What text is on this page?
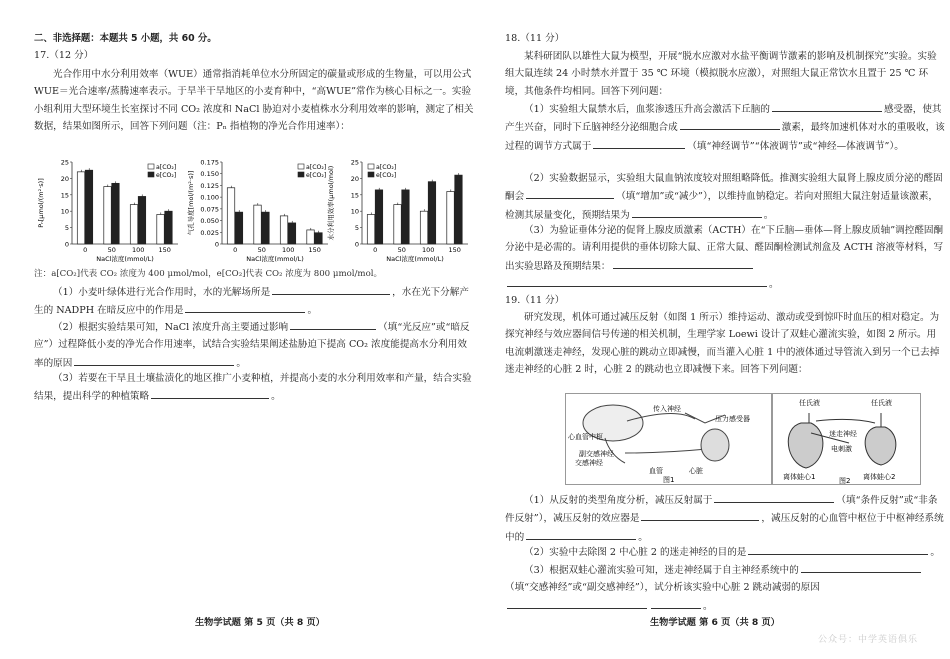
二、非选择题：本题共 5 小题，共 60 分。

17.（12 分）

光合作用中水分利用效率（WUE）通常指消耗单位水分所固定的碳量或形成的生物量，可以用公式 WUE＝光合速率/蒸腾速率表示。于旱半干旱地区的小麦育种中，“高WUE”常作为核心目标之一。实验小组利用大型环境生长室探讨不同 CO₂ 浓度和 NaCl 胁迫对小麦植株水分利用效率的影响，测定了相关数据，结果如图所示，回答下列问题（注：Pₙ 指植物的净光合作用速率）：

0
5
10
15
20
25
Pₙ[μmol/(m²·s)]
0	50 100 150
NaCl浓度(mmol/L)
a[CO₂]
e[CO₂]
0
0.025
0.050
0.075
0.100
0.125
0.150
0.175
气孔导度[mol/(m²·s)]
0	50 100 150
NaCl浓度(mmol/L)
a[CO₂]
e[CO₂]
0
5
10
15
20
25
水分利用效率(μmol/mol)
0	50 100 150
NaCl浓度(mmol/L)
a[CO₂]
e[CO₂]

注：a[CO₂]代表 CO₂ 浓度为 400 μmol/mol，e[CO₂]代表 CO₂ 浓度为 800 μmol/mol。

（1）小麦叶绿体进行光合作用时，水的光解场所是	，水在光下分解产生的 NADPH 在暗反应中的作用是	。

（2）根据实验结果可知，NaCl 浓度升高主要通过影响	（填“光反应”或“暗反应”）过程降低小麦的净光合作用速率，试结合实验结果阐述盐胁迫下提高 CO₂ 浓度能提高水分利用效率的原因	。

（3）若要在干旱且土壤盐渍化的地区推广小麦种植，并提高小麦的水分利用效率和产量，结合实验结果，提出科学的种植策略	。

生物学试题 第 5 页（共 8 页）

18.（11 分）

某科研团队以雄性大鼠为模型，开展“脱水应激对水盐平衡调节激素的影响及机制探究”实验。实验组大鼠连续 24 小时禁水并置于 35 ℃ 环境（模拟脱水应激），对照组大鼠正常饮水且置于 25 ℃ 环境，其他条件均相同。回答下列问题：

（1）实验组大鼠禁水后，血浆渗透压升高会激活下丘脑的	感受器，使其产生兴奋，同时下丘脑神经分泌细胞合成	激素，最终加速机体对水的重吸收，该过程的调节方式属于	（填“神经调节”“体液调节”或“神经—体液调节”）。

（2）实验数据显示，实验组大鼠血钠浓度较对照组略降低。推测实验组大鼠肾上腺皮质分泌的醛固酮会	（填“增加”或“减少”），以维持血钠稳定。若向对照组大鼠注射适量该激素，检测其尿量变化，预期结果为	。

（3）为验证垂体分泌的促肾上腺皮质激素（ACTH）在“下丘脑—垂体—肾上腺皮质轴”调控醛固酮分泌中是必需的。请利用提供的垂体切除大鼠、正常大鼠、醛固酮检测试剂盒及 ACTH 溶液等材料，写出实验思路及预期结果：。

19.（11 分）

研究发现，机体可通过减压反射（如图 1 所示）维持运动、激动或受到惊吓时血压的相对稳定。为探究神经与效应器间信号传递的相关机制，生理学家 Loewi 设计了双蛙心灌流实验，如图 2 所示。用电流刺激迷走神经，发现心脏的跳动立即减慢，而当灌入心脏 1 中的液体通过导管流入到另一个已去掉迷走神经的心脏 2 时，心脏 2 的跳动也立即减慢下来。回答下列问题：

心血管中枢
传入神经
压力感受器
交感神经
副交感神经
血管	心脏
图1
任氏液	任氏液
迷走神经
电刺激
离体蛙心1	离体蛙心2
图2

（1）从反射的类型角度分析，减压反射属于	（填“条件反射”或“非条件反射”），减压反射的效应器是	，减压反射的心血管中枢位于中枢神经系统中的	。

（2）实验中去除图 2 中心脏 2 的迷走神经的目的是	。

（3）根据双蛙心灌流实验可知，迷走神经属于自主神经系统中的（填“交感神经”或“副交感神经”），试分析该实验中心脏 2 跳动减弱的原因。

生物学试题 第 6 页（共 8 页）
公众号：中学英语俱乐
